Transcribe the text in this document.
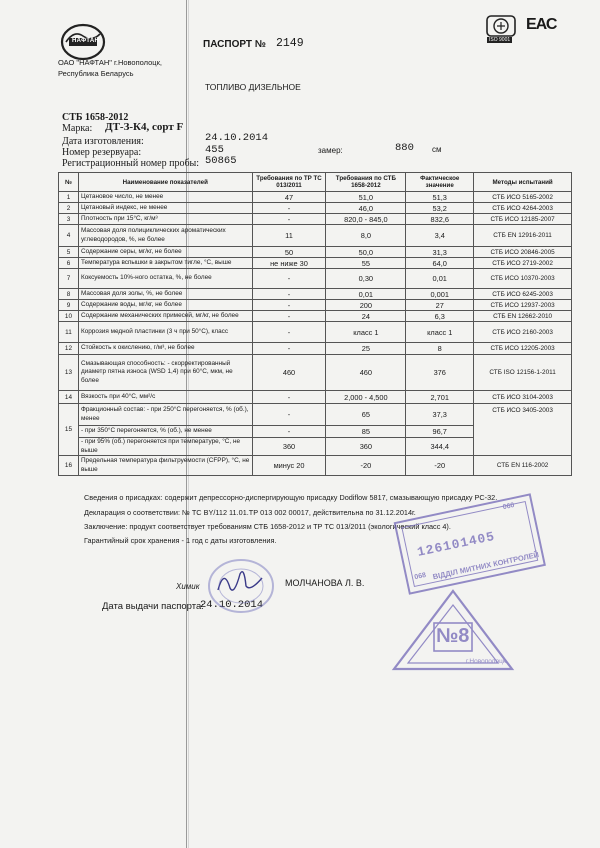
НАФТАН
ОАО "НАФТАН" г.Новополоцк,
Республика Беларусь
ПАСПОРТ № 2149	ISO 9001
ЕАС
ТОПЛИВО ДИЗЕЛЬНОЕ
СТБ 1658-2012
Марка: ДТ-З-К4, сорт F
Дата изготовления:	24.10.2014
Номер резервуара:	455	замер:	880 см
Регистрационный номер пробы: 50865
№	Наименование показателей	Требования по ТР ТС 013/2011	Требования по СТБ 1658-2012	Фактическое значение	Методы испытаний
1	Цетановое число, не менее	47	51,0	51,3	СТБ ИСО 5165-2002
2	Цетановый индекс, не менее	-	46,0	53,2	СТБ ИСО 4264-2003
3	Плотность при 15°С, кг/м³	-	820,0 - 845,0	832,6	СТБ ИСО 12185-2007
4	Массовая доля полициклических ароматических углеводородов, %, не более	11	8,0	3,4	СТБ EN 12916-2011
5	Содержание серы, мг/кг, не более	50	50,0	31,3	СТБ ИСО 20846-2005
6	Температура вспышки в закрытом тигле, °С, выше	не ниже 30	55	64,0	СТБ ИСО 2719-2002
7	Коксуемость 10%-ного остатка, %, не более	-	0,30	0,01	СТБ ИСО 10370-2003
8	Массовая доля золы, %, не более	-	0,01	0,001	СТБ ИСО 6245-2003
9	Содержание воды, мг/кг, не более	-	200	27	СТБ ИСО 12937-2003
10	Содержание механических примесей, мг/кг, не более	-	24	6,3	СТБ EN 12662-2010
11	Коррозия медной пластинки (3 ч при 50°С), класс	-	класс 1	класс 1	СТБ ИСО 2160-2003
12	Стойкость к окислению, г/м³, не более	-	25	8	СТБ ИСО 12205-2003
13	Смазывающая способность: - скорректированный диаметр пятна износа (WSD 1,4) при 60°С, мкм, не более	460	460	376	СТБ ISO 12156-1-2011
14	Вязкость при 40°С, мм²/с	-	2,000 - 4,500	2,701	СТБ ИСО 3104-2003
15	Фракционный состав: - при 250°С перегоняется, % (об.), менее	-	65	37,3	СТБ ИСО 3405-2003
	- при 350°С перегоняется, % (об.), не менее	-	85	96,7	
	- при 95% (об.) перегоняется при температуре, °С, не выше	360	360	344,4	
16	Предельная температура фильтруемости (CFPP), °С, не выше	минус 20	-20	-20	СТБ EN 116-2002
Сведения о присадках: содержит депрессорно-диспергирующую присадку Dodiflow 5817, смазывающую присадку PC-32.
Декларация о соответствии: № ТС BY/112 11.01.ТР 013 002 00017, действительна по 31.12.2014г.
Заключение: продукт соответствует требованиям СТБ 1658-2012 и ТР ТС 013/2011 (экологический класс 4).
Гарантийный срок хранения - 1 год с даты изготовления.
Химик	МОЛЧАНОВА Л. В.
Дата выдачи паспорта:
24.10.2014
060
126101405
068 ВІДДІЛ МИТНИХ КОНТРОЛЕЙ
№8
г.Новополоцк
